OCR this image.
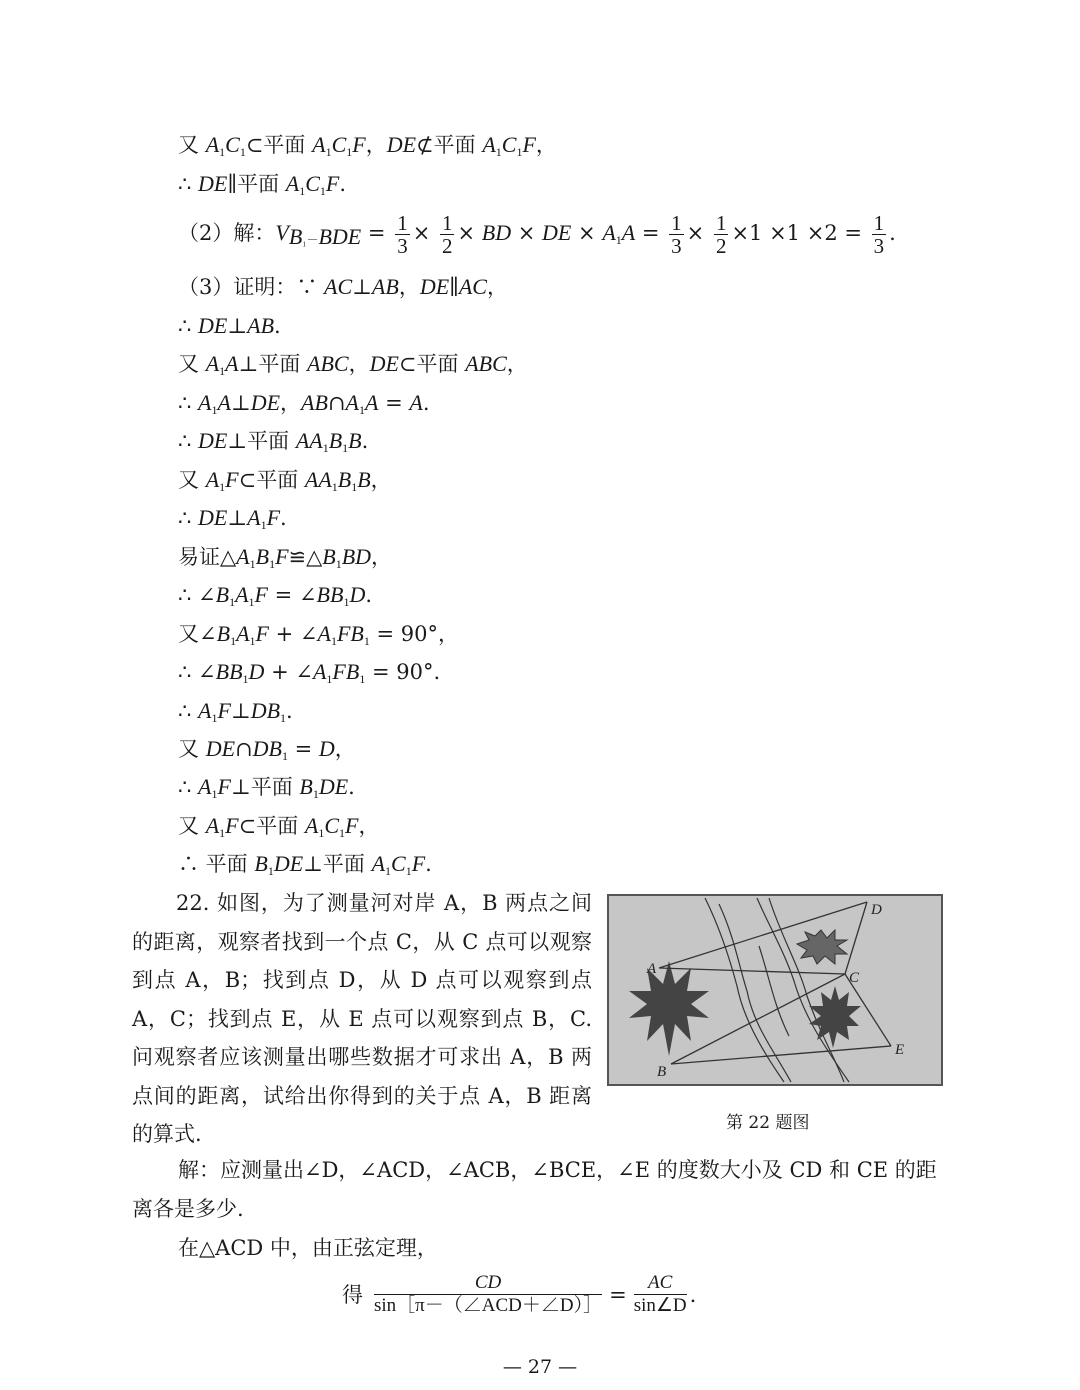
又 $A_1C_1\subset$平面 $A_1C_1F$，DE⊄平面 $A_1C_1F$，
∴ DE∥平面 $A_1C_1F$.
（2）解：$V_{B_1-BDE} = \frac{1}{3} \times \frac{1}{2}$ × BD × DE × $A_1A = \frac{1}{3} \times \frac{1}{2} \times 1 \times 1 \times 2 = \frac{1}{3}$ .
（3）证明：∵ AC⊥AB，DE∥AC，
∴ DE⊥AB.
又 $A_1A\perp$平面 ABC，DE⊂平面 ABC，
∴ $A_1A\perp DE$，$AB\cap A_1A = A$.
∴ DE⊥平面 $AA_1B_1B$.
又 $A_1F\subset$平面 $AA_1B_1B$，
∴ $DE\perp A_1F$.
易证$\triangle A_1B_1F≌\triangle B_1BD$，
∴ $\angle B_1A_1F$ = $\angle BB_1D$.
又$\angle B_1A_1F$ + $\angle A_1FB_1 = 90^\circ$，
∴ $\angle BB_1D$ + $\angle A_1FB_1 = 90^\circ$.
∴ $A_1F\perp DB_1$.
又 $DE\cap DB_1 = D$，
∴ $A_1F\perp$平面 $B_1DE$.
又 $A_1F\subset$平面 $A_1C_1F$，
∴ 平面 $B_1DE\perp$平面 $A_1C_1F$.
22. 如图，为了测量河对岸 A，B 两点之间的距离，观察者找到一个点 C，从 C 点可以观察到点 A，B；找到点 D，从 D 点可以观察到点 A，C；找到点 E，从 E 点可以观察到点 B，C. 问观察者应该测量出哪些数据才可求出 A，B 两点间的距离，试给出你得到的关于点 A，B 距离的算式.
A
B
C
D
E
第 22 题图
解：应测量出∠D，∠ACD，∠ACB，∠BCE，∠E 的度数大小及 CD 和 CE 的距
离各是多少.
在△ACD 中，由正弦定理，
得 $\frac{CD}{\text{sin［π－（∠ACD＋∠D）］}} = \frac{AC}{\sin\angle D}$ .
— 27 —
